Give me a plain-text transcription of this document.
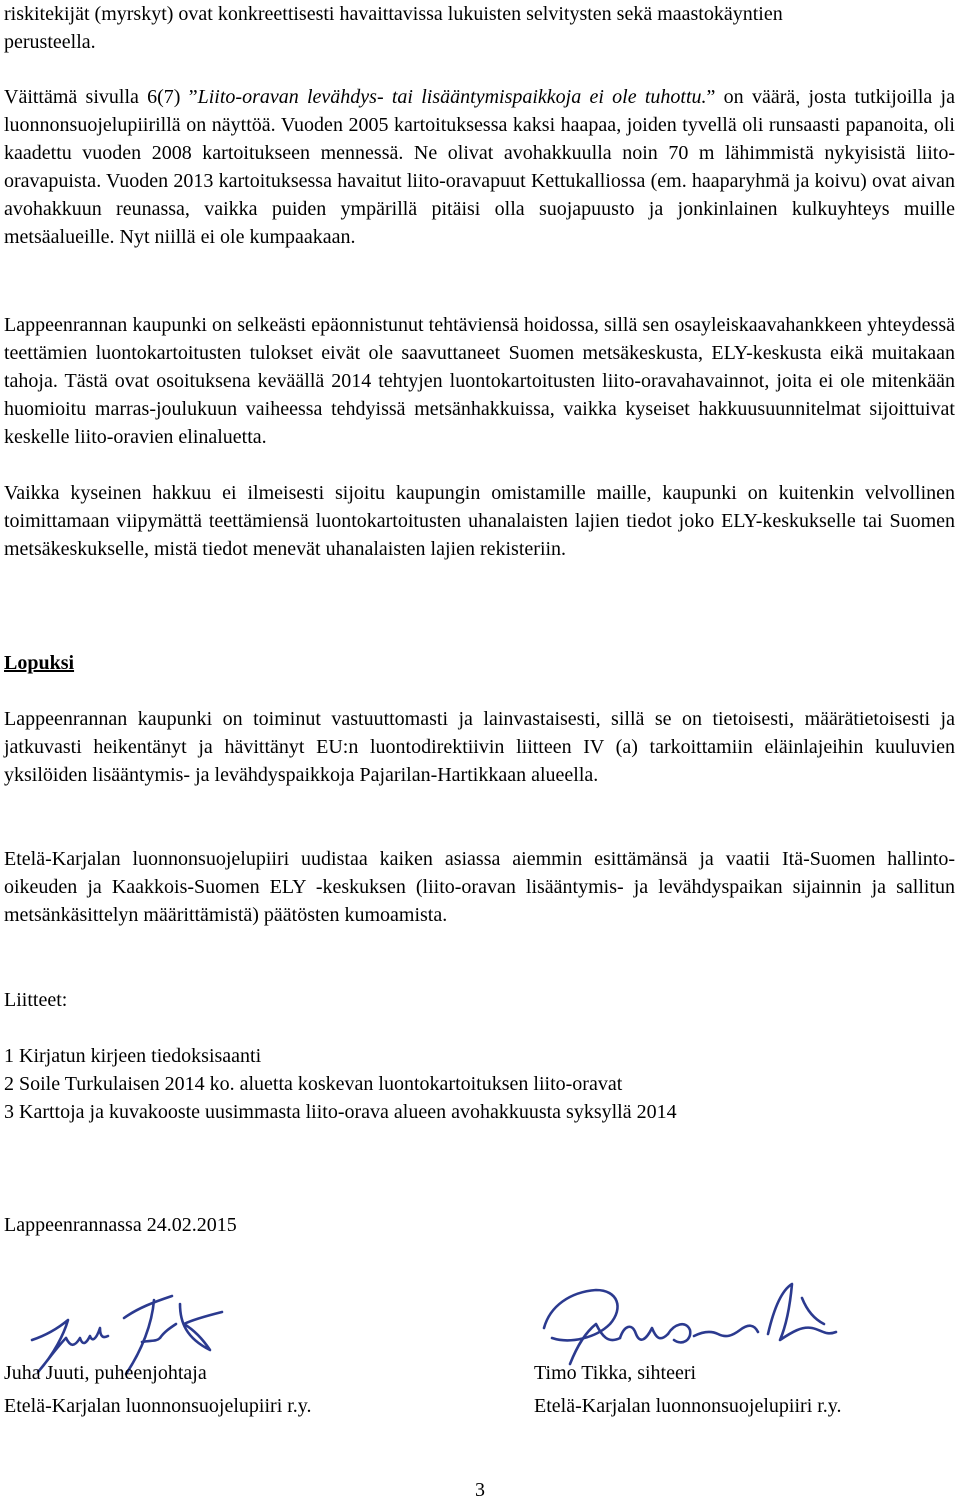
riskitekijät (myrskyt) ovat konkreettisesti havaittavissa lukuisten selvitysten sekä maastokäyntien

perusteella.

Väittämä sivulla 6(7) ”Liito-oravan levähdys- tai lisääntymispaikkoja ei ole tuhottu.” on väärä, josta tutkijoilla ja luonnonsuojelupiirillä on näyttöä. Vuoden 2005 kartoituksessa kaksi haapaa, joiden tyvellä oli runsaasti papanoita, oli kaadettu vuoden 2008 kartoitukseen mennessä. Ne olivat avohakkuulla noin 70 m lähimmistä nykyisistä liito-oravapuista. Vuoden 2013 kartoituksessa havaitut liito-oravapuut Kettukalliossa (em. haaparyhmä ja koivu) ovat aivan avohakkuun reunassa, vaikka puiden ympärillä pitäisi olla suojapuusto ja jonkinlainen kulkuyhteys muille metsäalueille. Nyt niillä ei ole kumpaakaan.

Lappeenrannan kaupunki on selkeästi epäonnistunut tehtäviensä hoidossa, sillä sen osayleiskaavahankkeen yhteydessä teettämien luontokartoitusten tulokset eivät ole saavuttaneet Suomen metsäkeskusta, ELY-keskusta eikä muitakaan tahoja. Tästä ovat osoituksena keväällä 2014 tehtyjen luontokartoitusten liito-oravahavainnot, joita ei ole mitenkään huomioitu marras-joulukuun vaiheessa tehdyissä metsänhakkuissa, vaikka kyseiset hakkuusuunnitelmat sijoittuivat keskelle liito-oravien elinaluetta.

Vaikka kyseinen hakkuu ei ilmeisesti sijoitu kaupungin omistamille maille, kaupunki on kuitenkin velvollinen toimittamaan viipymättä teettämiensä luontokartoitusten uhanalaisten lajien tiedot joko ELY-keskukselle tai Suomen metsäkeskukselle, mistä tiedot menevät uhanalaisten lajien rekisteriin.

Lopuksi

Lappeenrannan kaupunki on toiminut vastuuttomasti ja lainvastaisesti, sillä se on tietoisesti, määrätietoisesti ja jatkuvasti heikentänyt ja hävittänyt EU:n luontodirektiivin liitteen IV (a) tarkoittamiin eläinlajeihin kuuluvien yksilöiden lisääntymis- ja levähdyspaikkoja Pajarilan-Hartikkaan alueella.

Etelä-Karjalan luonnonsuojelupiiri uudistaa kaiken asiassa aiemmin esittämänsä ja vaatii Itä-Suomen hallinto-oikeuden ja Kaakkois-Suomen ELY -keskuksen (liito-oravan lisääntymis- ja levähdyspaikan sijainnin ja sallitun metsänkäsittelyn määrittämistä) päätösten kumoamista.

Liitteet:

1 Kirjatun kirjeen tiedoksisaanti

2 Soile Turkulaisen 2014 ko. aluetta koskevan luontokartoituksen liito-oravat

3 Karttoja ja kuvakooste uusimmasta liito-orava alueen avohakkuusta syksyllä 2014

Lappeenrannassa 24.02.2015

Juha Juuti, puheenjohtaja

Etelä-Karjalan luonnonsuojelupiiri r.y.

Timo Tikka, sihteeri

Etelä-Karjalan luonnonsuojelupiiri r.y.

3
